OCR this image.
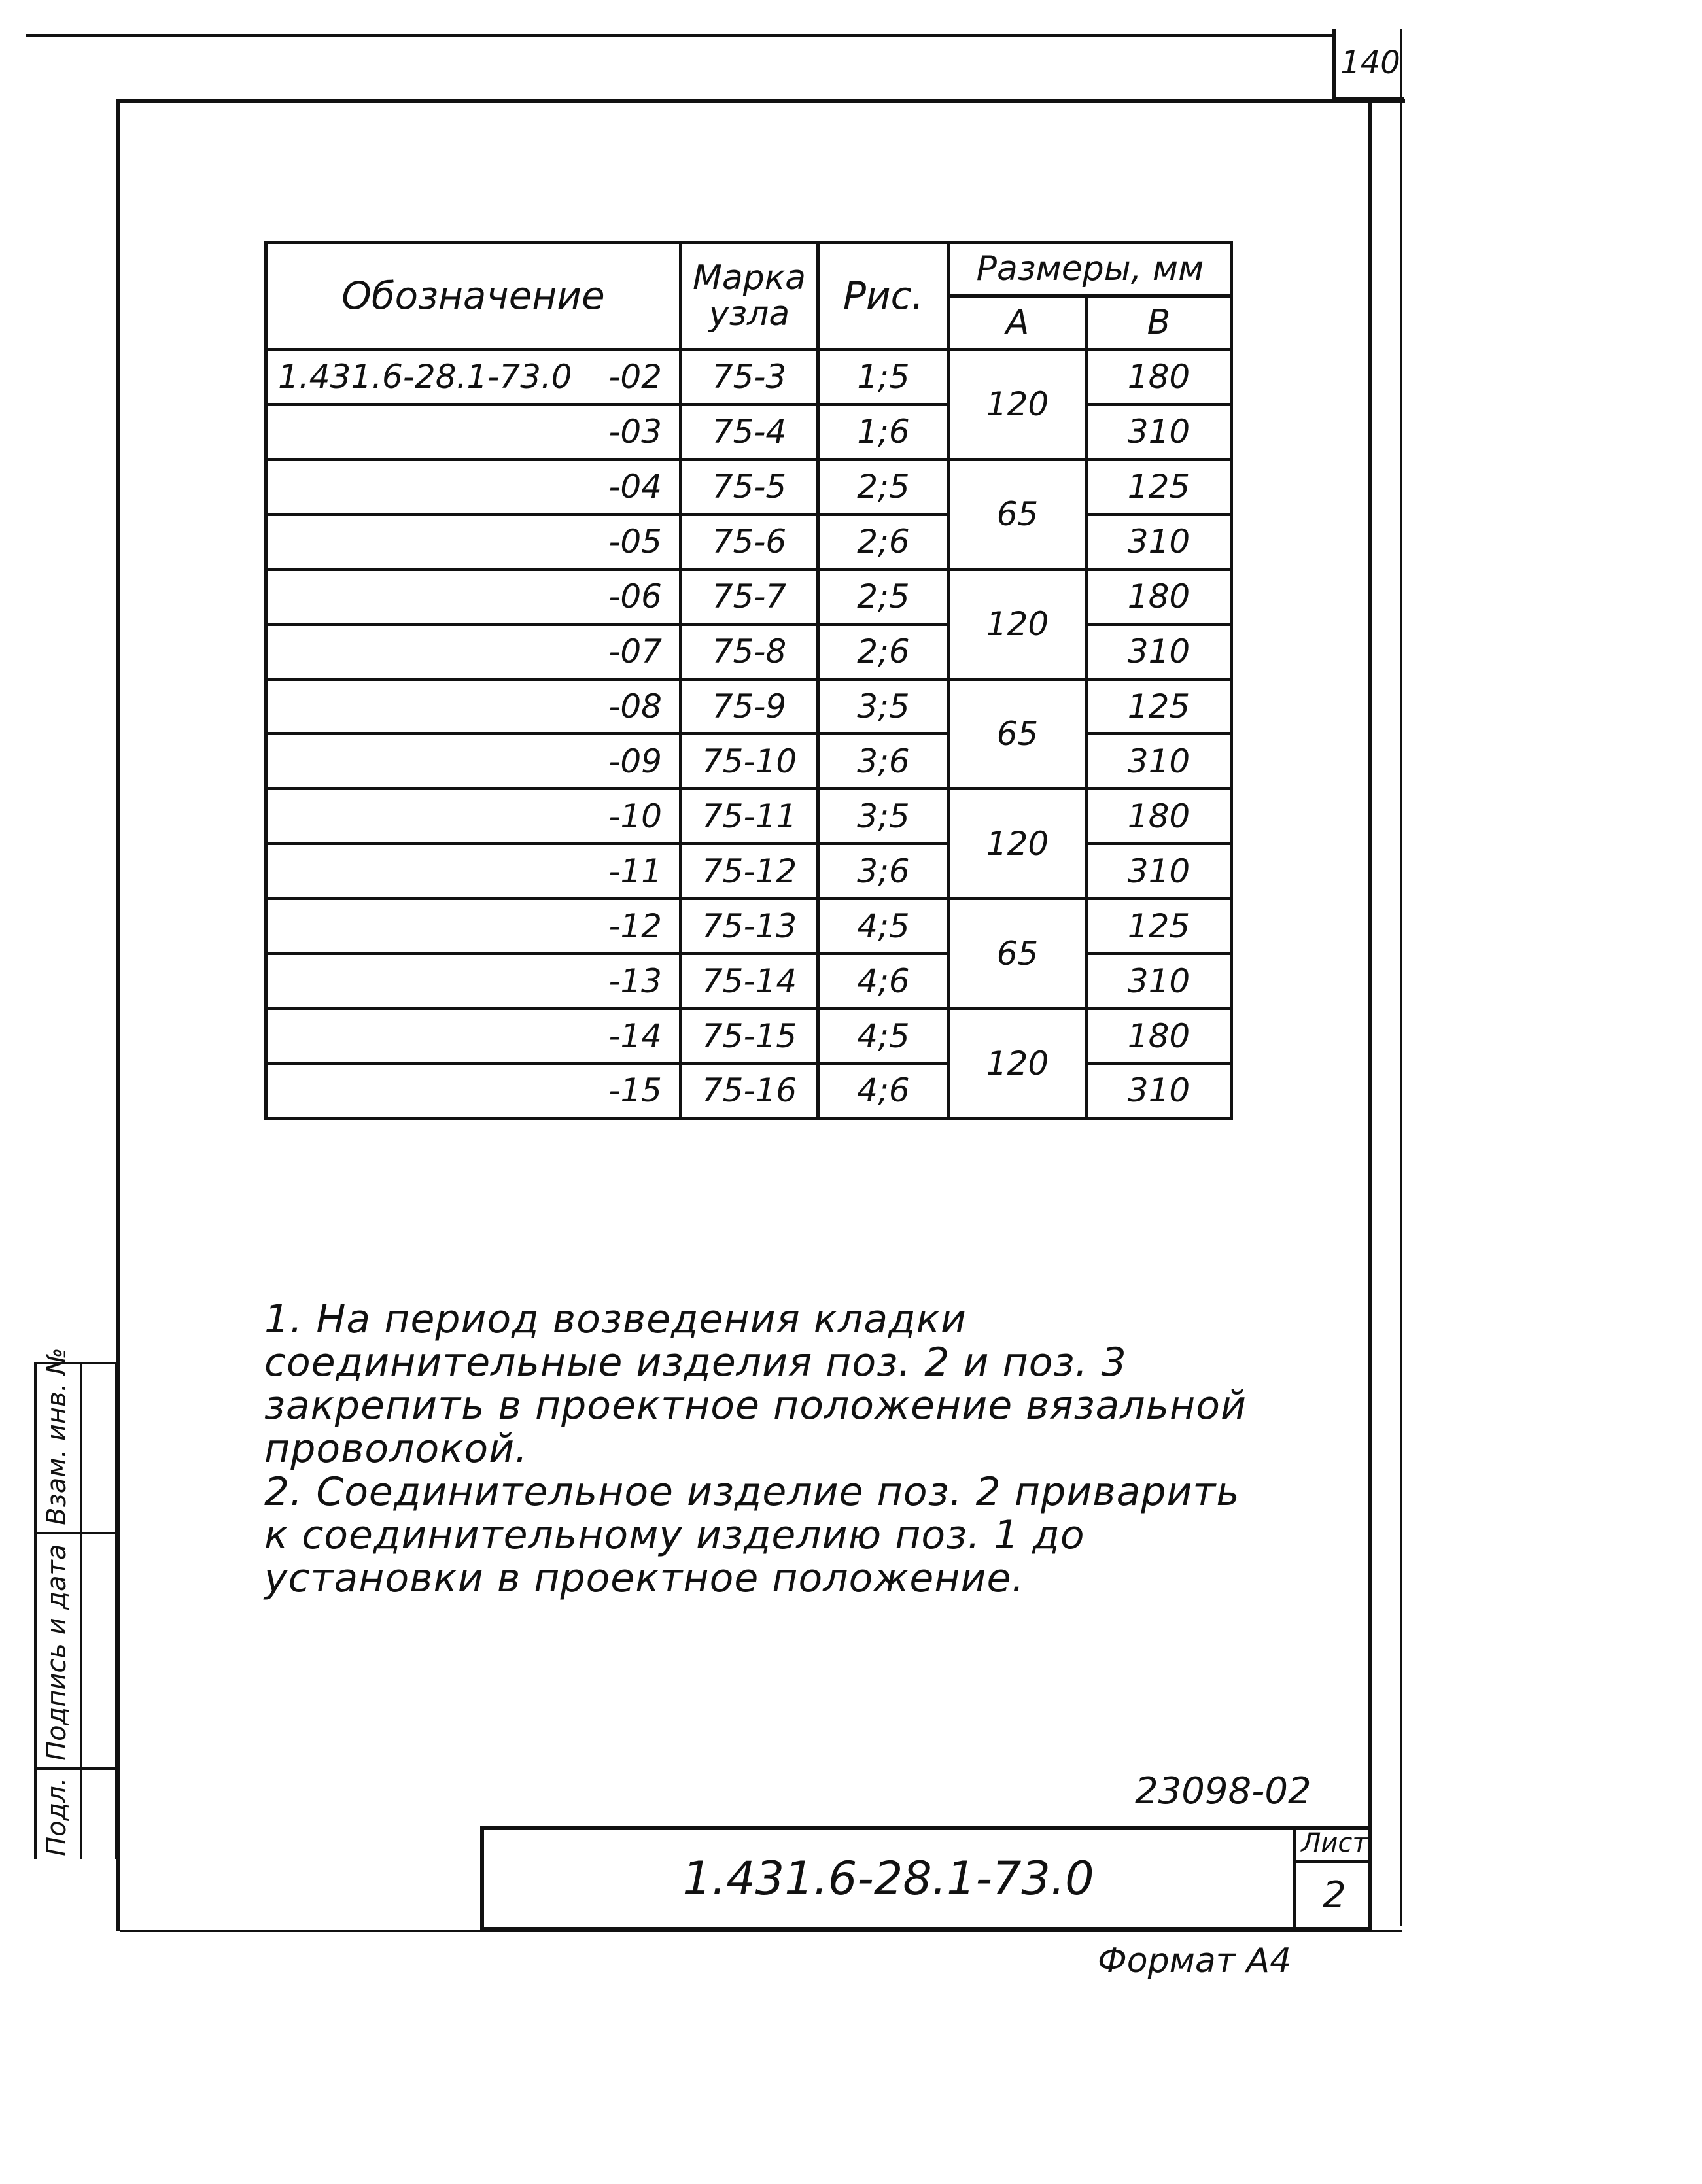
140
Обозначение	Марка узла	Рис.	Размеры, мм	
			А	В

1.431.6-28.1-73.0 -02	75-3	1;5	120	180
-03	75-4	1;6		310
-04	75-5	2;5	65	125
-05	75-6	2;6		310
-06	75-7	2;5	120	180
-07	75-8	2;6		310
-08	75-9	3;5	65	125
-09	75-10	3;6		310
-10	75-11	3;5	120	180
-11	75-12	3;6		310
-12	75-13	4;5	65	125
-13	75-14	4;6		310
-14	75-15	4;5	120	180
-15	75-16	4;6		310

1. На период возведения кладки соединительные изделия поз. 2 и поз. 3 закрепить в проектное положение вязальной проволокой.

2. Соединительное изделие поз. 2 приварить к соединительному изделию поз. 1 до установки в проектное положение.

Взам. инв. №
Подпись и дата
Подл.	23098-02
1.431.6-28.1-73.0
Лист
2
Формат А4
